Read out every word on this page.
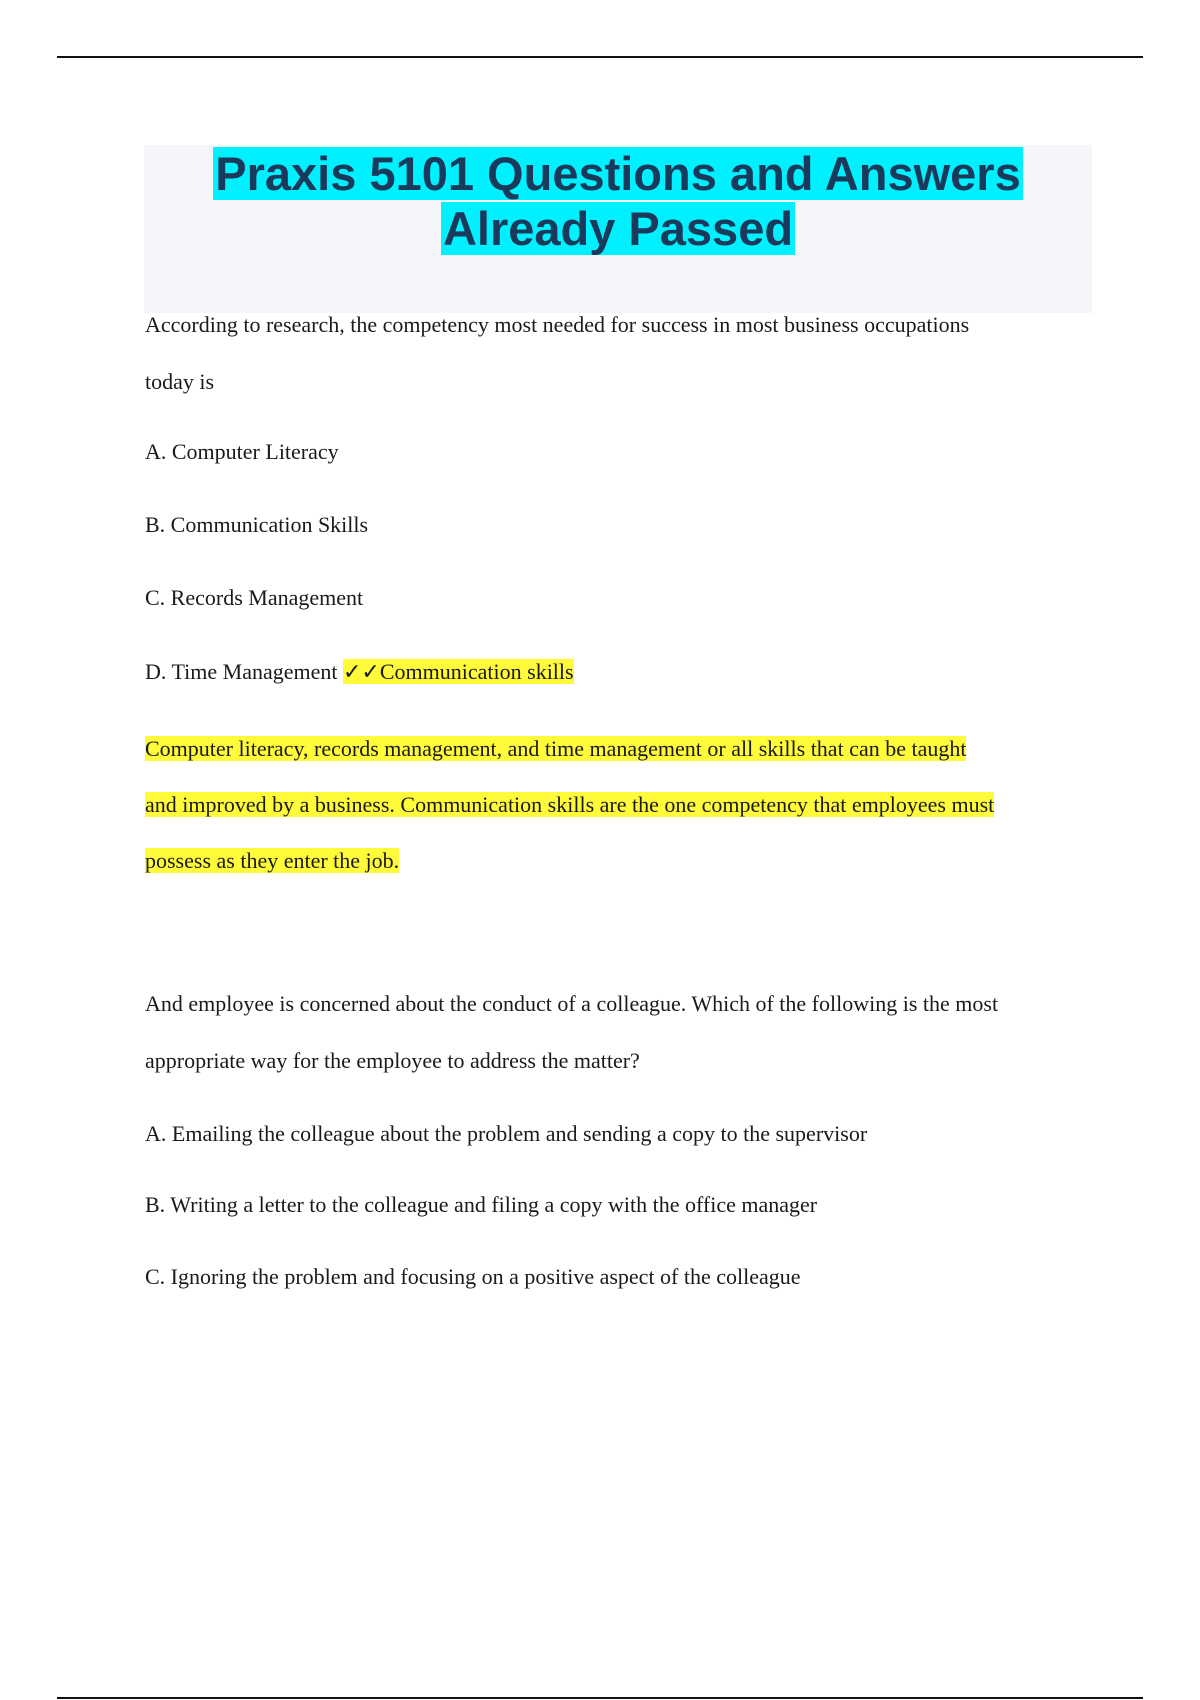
Praxis 5101 Questions and Answers
Already Passed
According to research, the competency most needed for success in most business occupations
today is
A. Computer Literacy
B. Communication Skills
C. Records Management
D. Time Management ✓✓Communication skills
Computer literacy, records management, and time management or all skills that can be taught
and improved by a business. Communication skills are the one competency that employees must
possess as they enter the job.
And employee is concerned about the conduct of a colleague. Which of the following is the most
appropriate way for the employee to address the matter?
A. Emailing the colleague about the problem and sending a copy to the supervisor
B. Writing a letter to the colleague and filing a copy with the office manager
C. Ignoring the problem and focusing on a positive aspect of the colleague
